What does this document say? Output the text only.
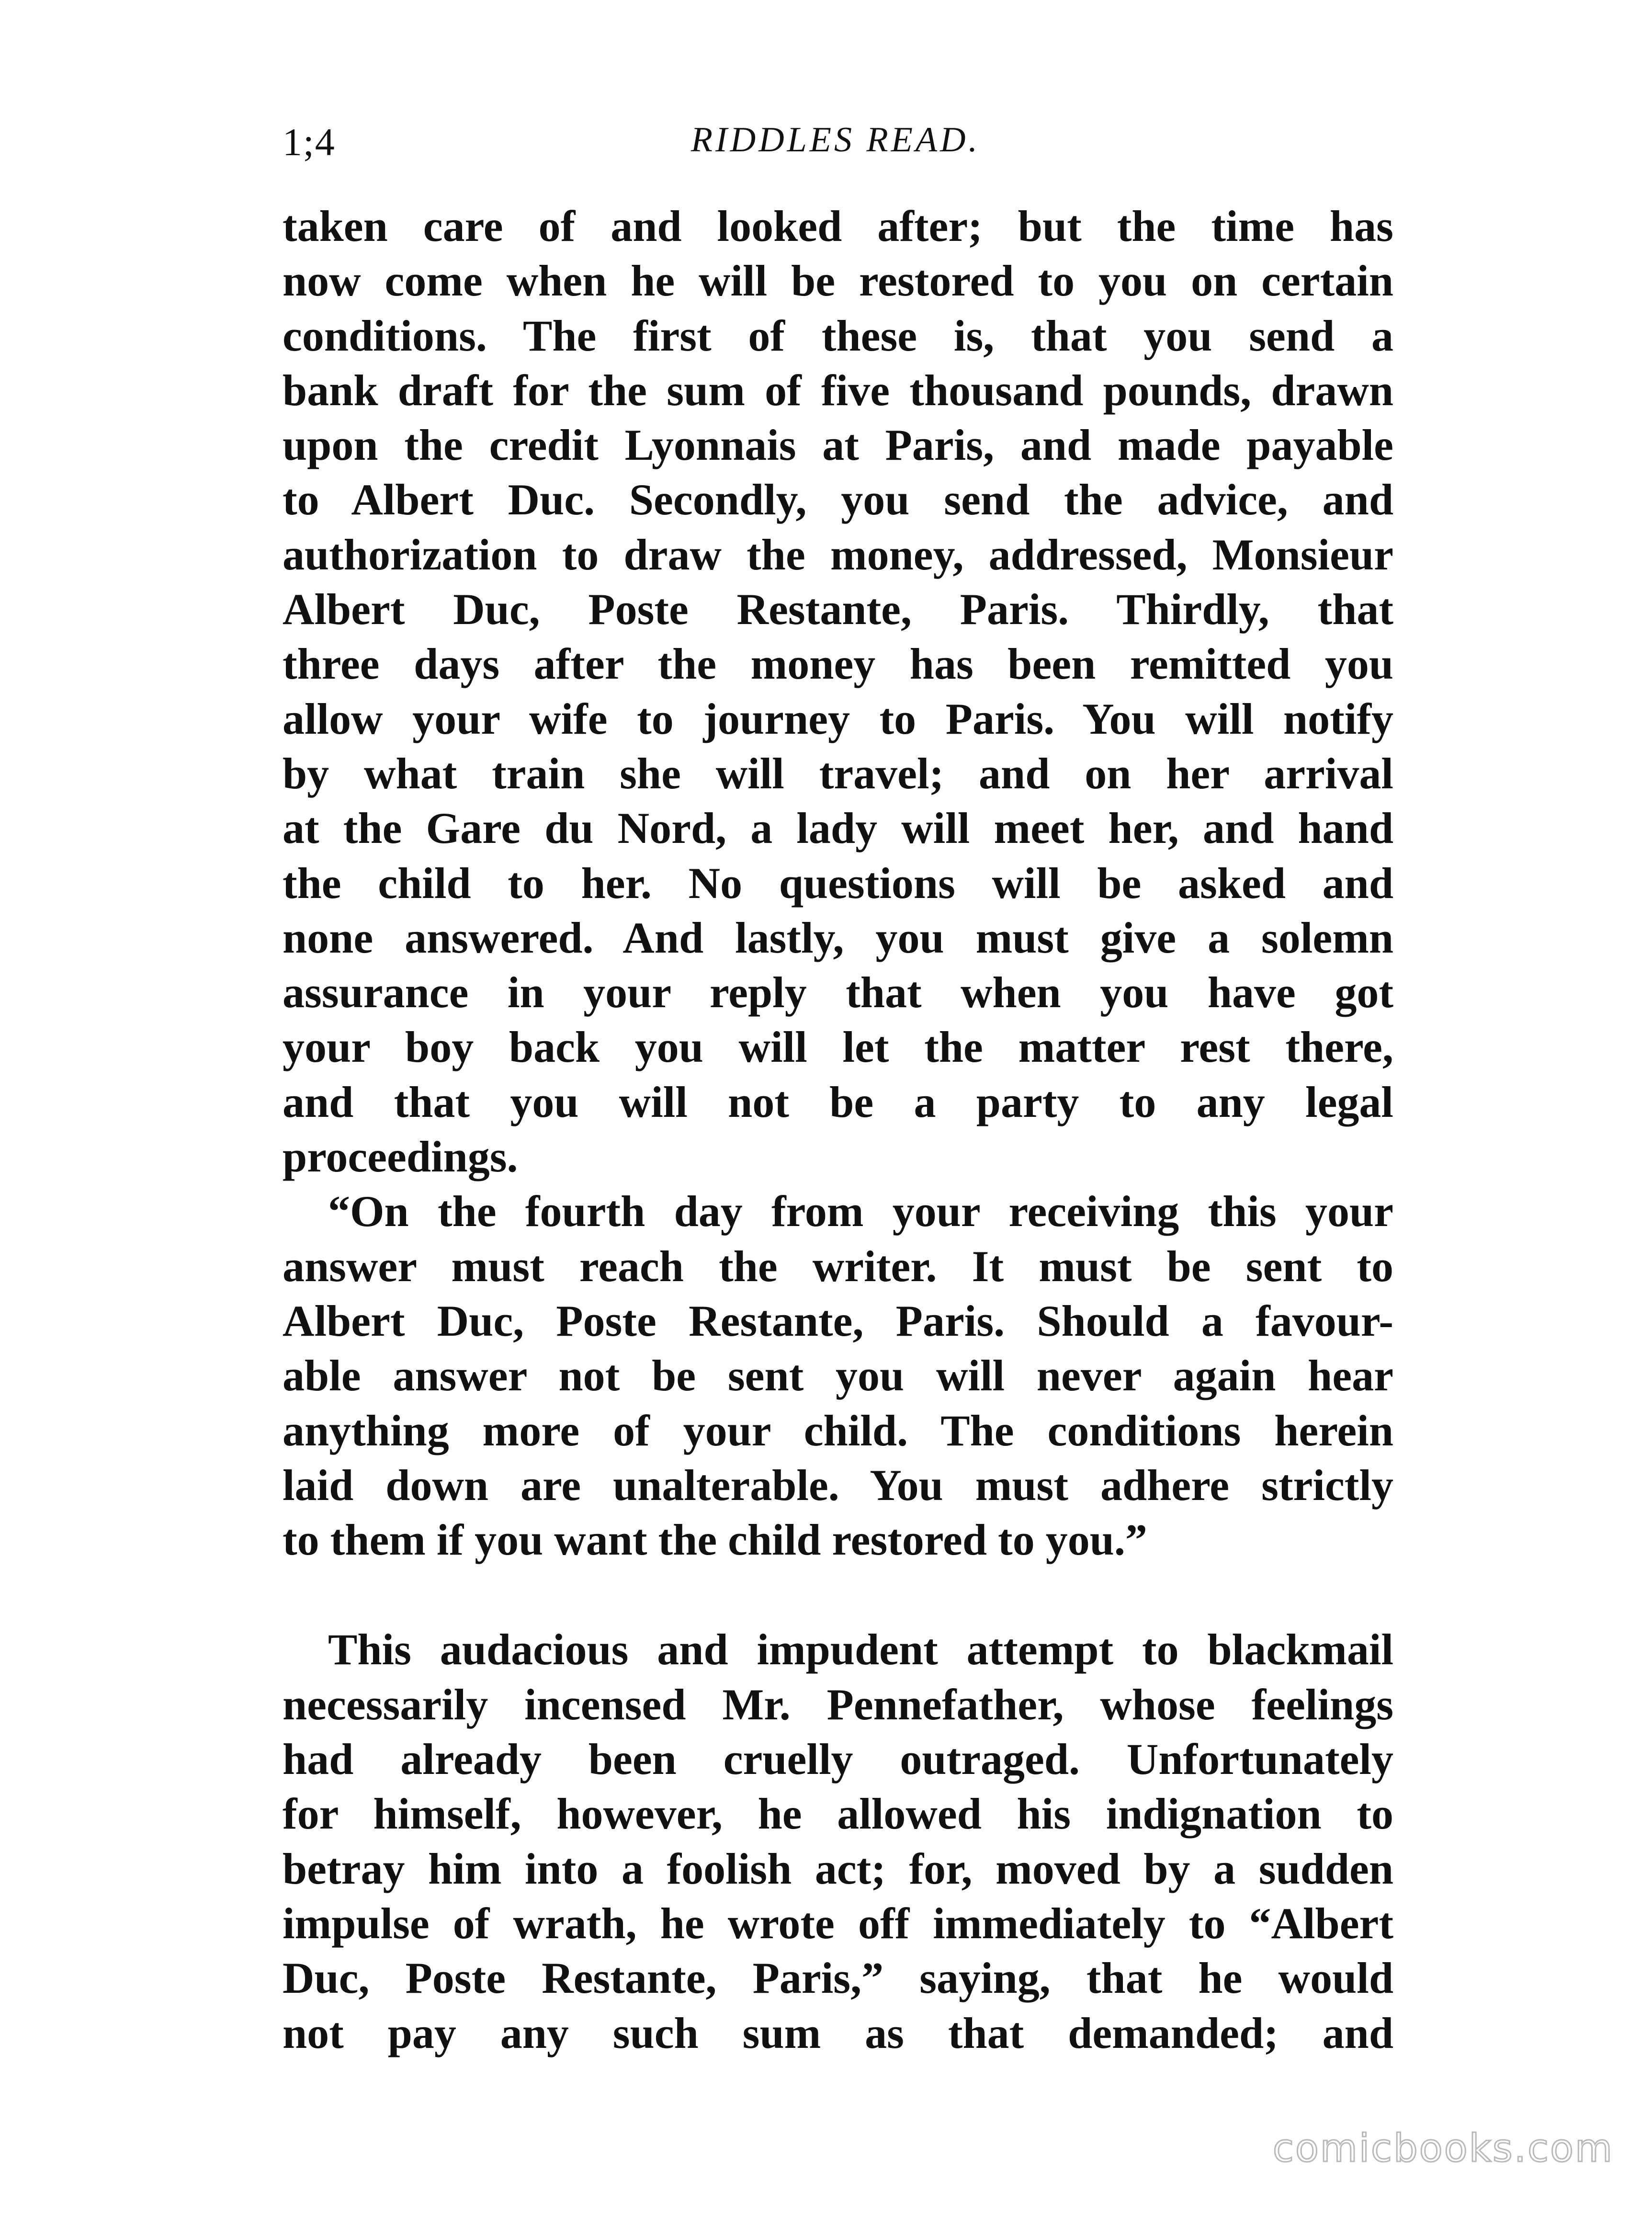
1;4	RIDDLES READ.
taken care of and looked after; but the time has
now come when he will be restored to you on certain
conditions. The first of these is, that you send a
bank draft for the sum of five thousand pounds, drawn
upon the credit Lyonnais at Paris, and made payable
to Albert Duc. Secondly, you send the advice, and
authorization to draw the money, addressed, Monsieur
Albert Duc, Poste Restante, Paris. Thirdly, that
three days after the money has been remitted you
allow your wife to journey to Paris. You will notify
by what train she will travel; and on her arrival
at the Gare du Nord, a lady will meet her, and hand
the child to her. No questions will be asked and
none answered. And lastly, you must give a solemn
assurance in your reply that when you have got
your boy back you will let the matter rest there,
and that you will not be a party to any legal
proceedings.
“On the fourth day from your receiving this your
answer must reach the writer. It must be sent to
Albert Duc, Poste Restante, Paris. Should a favour-
able answer not be sent you will never again hear
anything more of your child. The conditions herein
laid down are unalterable. You must adhere strictly
to them if you want the child restored to you.”
This audacious and impudent attempt to blackmail
necessarily incensed Mr. Pennefather, whose feelings
had already been cruelly outraged. Unfortunately
for himself, however, he allowed his indignation to
betray him into a foolish act; for, moved by a sudden
impulse of wrath, he wrote off immediately to “Albert
Duc, Poste Restante, Paris,” saying, that he would
not pay any such sum as that demanded; and
comicbooks.com
